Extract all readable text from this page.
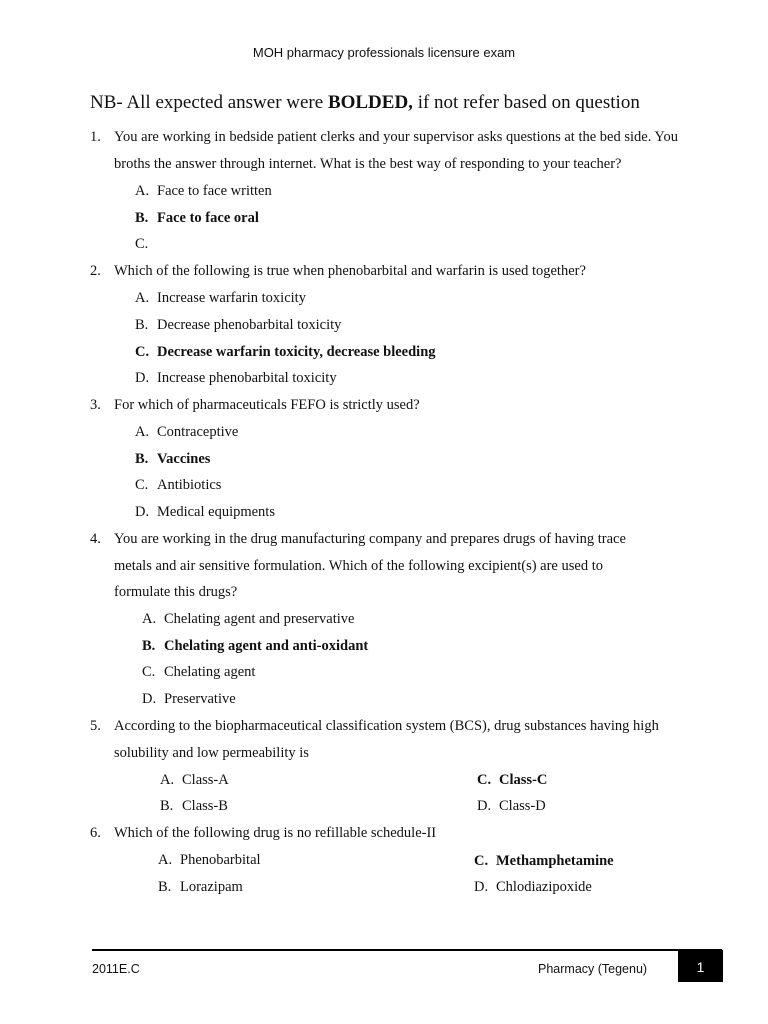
MOH pharmacy professionals licensure exam
NB- All expected answer were BOLDED, if not refer based on question
1. You are working in bedside patient clerks and your supervisor asks questions at the bed side. You broths the answer through internet. What is the best way of responding to your teacher?
A. Face to face written
B. Face to face oral
C.
2. Which of the following is true when phenobarbital and warfarin is used together?
A. Increase warfarin toxicity
B. Decrease phenobarbital toxicity
C. Decrease warfarin toxicity, decrease bleeding
D. Increase phenobarbital toxicity
3. For which of pharmaceuticals FEFO is strictly used?
A. Contraceptive
B. Vaccines
C. Antibiotics
D. Medical equipments
4. You are working in the drug manufacturing company and prepares drugs of having trace metals and air sensitive formulation. Which of the following excipient(s) are used to formulate this drugs?
A. Chelating agent and preservative
B. Chelating agent and anti-oxidant
C. Chelating agent
D. Preservative
5. According to the biopharmaceutical classification system (BCS), drug substances having high solubility and low permeability is
A. Class-A	C. Class-C
B. Class-B	D. Class-D
6. Which of the following drug is no refillable schedule-II
A. Phenobarbital	C. Methamphetamine
B. Lorazipam	D. Chlodiazipoxide
2011E.C	Pharmacy (Tegenu)	1
